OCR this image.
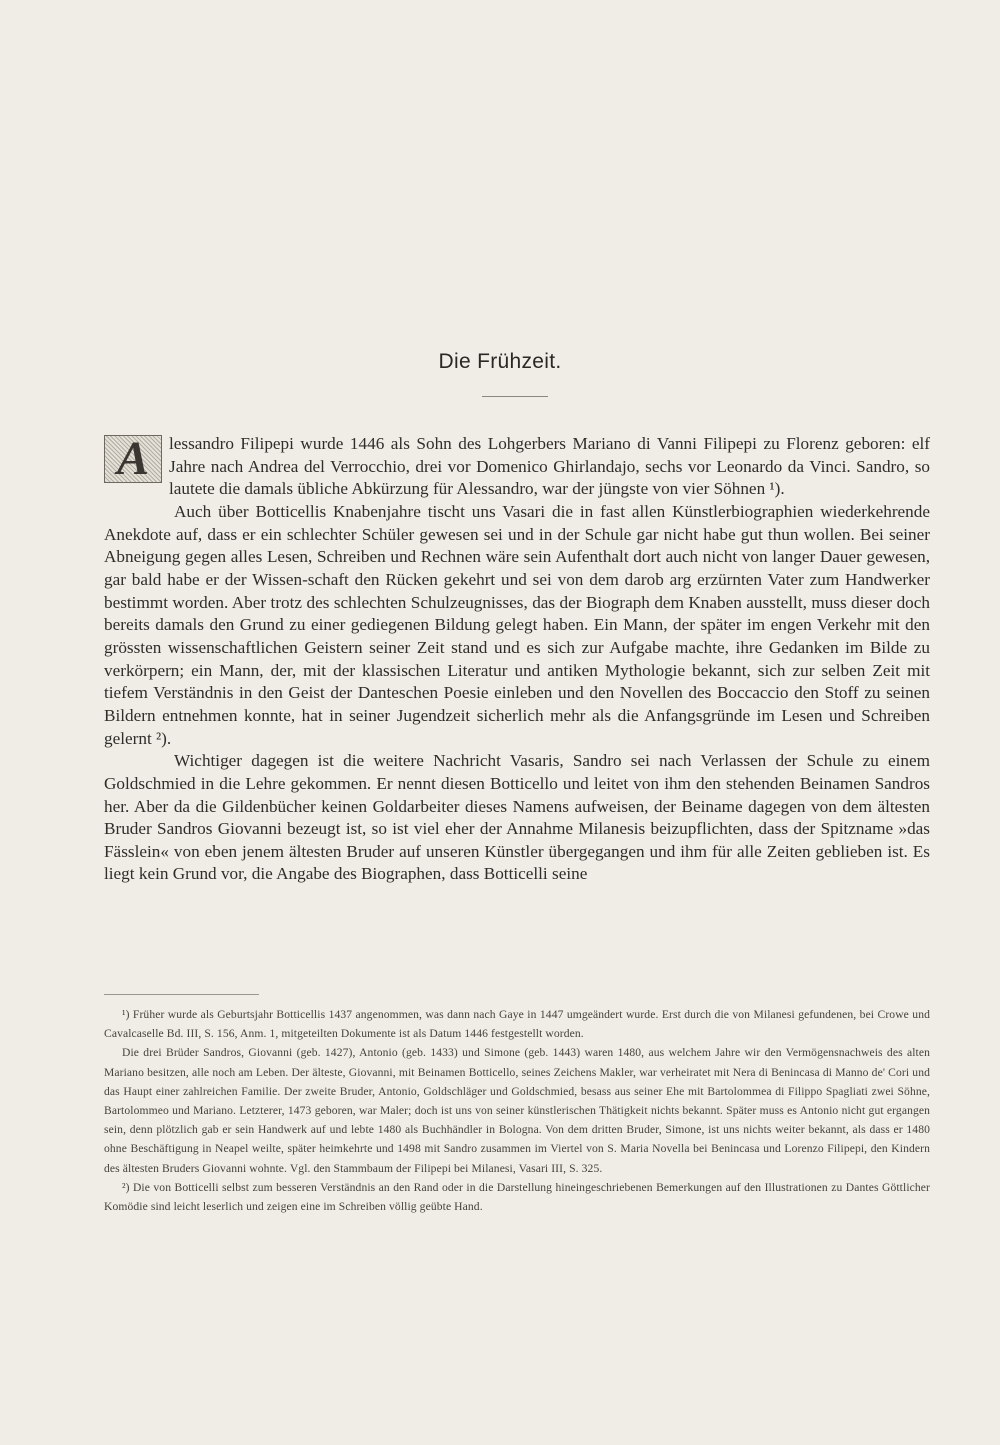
Die Frühzeit.

A	lessandro Filipepi wurde 1446 als Sohn des Lohgerbers Mariano di Vanni Filipepi zu Florenz geboren: elf Jahre nach Andrea del Verrocchio, drei vor Domenico Ghirlandajo, sechs vor Leonardo da Vinci. Sandro, so lautete die damals übliche Abkürzung für Alessandro, war der jüngste von vier Söhnen ¹).

Auch über Botticellis Knabenjahre tischt uns Vasari die in fast allen Künstlerbiographien wiederkehrende Anekdote auf, dass er ein schlechter Schüler gewesen sei und in der Schule gar nicht habe gut thun wollen. Bei seiner Abneigung gegen alles Lesen, Schreiben und Rechnen wäre sein Aufenthalt dort auch nicht von langer Dauer gewesen, gar bald habe er der Wissen-schaft den Rücken gekehrt und sei von dem darob arg erzürnten Vater zum Handwerker bestimmt worden. Aber trotz des schlechten Schulzeugnisses, das der Biograph dem Knaben ausstellt, muss dieser doch bereits damals den Grund zu einer gediegenen Bildung gelegt haben. Ein Mann, der später im engen Verkehr mit den grössten wissenschaftlichen Geistern seiner Zeit stand und es sich zur Aufgabe machte, ihre Gedanken im Bilde zu verkörpern; ein Mann, der, mit der klassischen Literatur und antiken Mythologie bekannt, sich zur selben Zeit mit tiefem Verständnis in den Geist der Danteschen Poesie einleben und den Novellen des Boccaccio den Stoff zu seinen Bildern entnehmen konnte, hat in seiner Jugendzeit sicherlich mehr als die Anfangsgründe im Lesen und Schreiben gelernt ²).

Wichtiger dagegen ist die weitere Nachricht Vasaris, Sandro sei nach Verlassen der Schule zu einem Goldschmied in die Lehre gekommen. Er nennt diesen Botticello und leitet von ihm den stehenden Beinamen Sandros her. Aber da die Gildenbücher keinen Goldarbeiter dieses Namens aufweisen, der Beiname dagegen von dem ältesten Bruder Sandros Giovanni bezeugt ist, so ist viel eher der Annahme Milanesis beizupflichten, dass der Spitzname »das Fässlein« von eben jenem ältesten Bruder auf unseren Künstler übergegangen und ihm für alle Zeiten geblieben ist. Es liegt kein Grund vor, die Angabe des Biographen, dass Botticelli seine

¹) Früher wurde als Geburtsjahr Botticellis 1437 angenommen, was dann nach Gaye in 1447 umgeändert wurde. Erst durch die von Milanesi gefundenen, bei Crowe und Cavalcaselle Bd. III, S. 156, Anm. 1, mitgeteilten Dokumente ist als Datum 1446 festgestellt worden.

Die drei Brüder Sandros, Giovanni (geb. 1427), Antonio (geb. 1433) und Simone (geb. 1443) waren 1480, aus welchem Jahre wir den Vermögensnachweis des alten Mariano besitzen, alle noch am Leben. Der älteste, Giovanni, mit Beinamen Botticello, seines Zeichens Makler, war verheiratet mit Nera di Benincasa di Manno de' Cori und das Haupt einer zahlreichen Familie. Der zweite Bruder, Antonio, Goldschläger und Goldschmied, besass aus seiner Ehe mit Bartolommea di Filippo Spagliati zwei Söhne, Bartolommeo und Mariano. Letzterer, 1473 geboren, war Maler; doch ist uns von seiner künstlerischen Thätigkeit nichts bekannt. Später muss es Antonio nicht gut ergangen sein, denn plötzlich gab er sein Handwerk auf und lebte 1480 als Buchhändler in Bologna. Von dem dritten Bruder, Simone, ist uns nichts weiter bekannt, als dass er 1480 ohne Beschäftigung in Neapel weilte, später heimkehrte und 1498 mit Sandro zusammen im Viertel von S. Maria Novella bei Benincasa und Lorenzo Filipepi, den Kindern des ältesten Bruders Giovanni wohnte. Vgl. den Stammbaum der Filipepi bei Milanesi, Vasari III, S. 325.

²) Die von Botticelli selbst zum besseren Verständnis an den Rand oder in die Darstellung hineingeschriebenen Bemerkungen auf den Illustrationen zu Dantes Göttlicher Komödie sind leicht leserlich und zeigen eine im Schreiben völlig geübte Hand.
